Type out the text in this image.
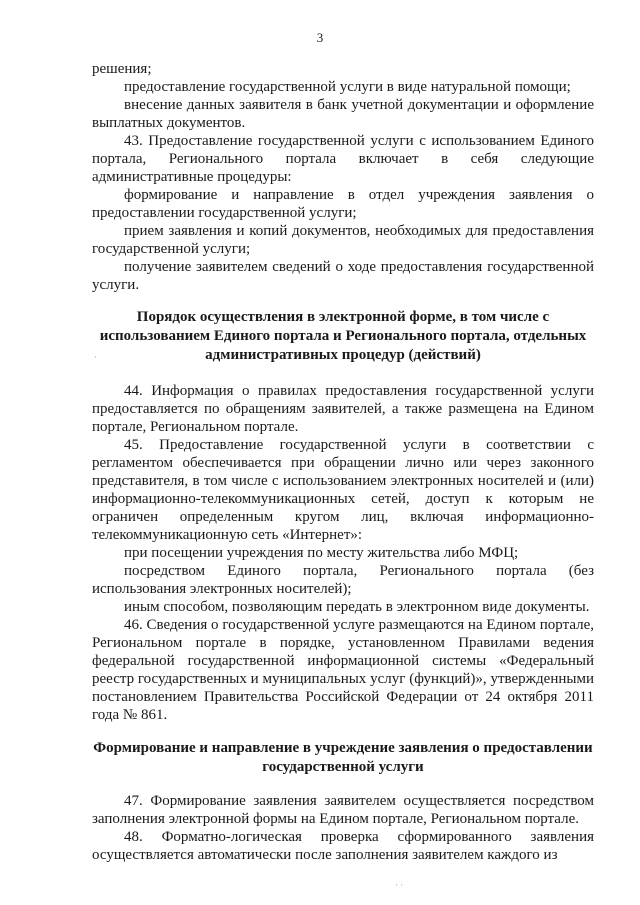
3

решения;

предоставление государственной услуги в виде натуральной помощи;

внесение данных заявителя в банк учетной документации и оформление выплатных документов.

43. Предоставление государственной услуги с использованием Единого портала, Регионального портала включает в себя следующие административные процедуры:

формирование и направление в отдел учреждения заявления о предоставлении государственной услуги;

прием заявления и копий документов, необходимых для предоставления государственной услуги;

получение заявителем сведений о ходе предоставления государственной услуги.

Порядок осуществления в электронной форме, в том числе с использованием Единого портала и Регионального портала, отдельных административных процедур (действий)

44. Информация о правилах предоставления государственной услуги предоставляется по обращениям заявителей, а также размещена на Едином портале, Региональном портале.

45. Предоставление государственной услуги в соответствии с регламентом обеспечивается при обращении лично или через законного представителя, в том числе с использованием электронных носителей и (или) информационно-телекоммуникационных сетей, доступ к которым не ограничен определенным кругом лиц, включая информационно-телекоммуникационную сеть «Интернет»:

при посещении учреждения по месту жительства либо МФЦ;

посредством Единого портала, Регионального портала (без использования электронных носителей);

иным способом, позволяющим передать в электронном виде документы.

46. Сведения о государственной услуге размещаются на Едином портале, Региональном портале в порядке, установленном Правилами ведения федеральной государственной информационной системы «Федеральный реестр государственных и муниципальных услуг (функций)», утвержденными постановлением Правительства Российской Федерации от 24 октября 2011 года № 861.

Формирование и направление в учреждение заявления о предоставлении государственной услуги

47. Формирование заявления заявителем осуществляется посредством заполнения электронной формы на Едином портале, Региональном портале.

48. Форматно-логическая проверка сформированного заявления осуществляется автоматически после заполнения заявителем каждого из

·
· ·
